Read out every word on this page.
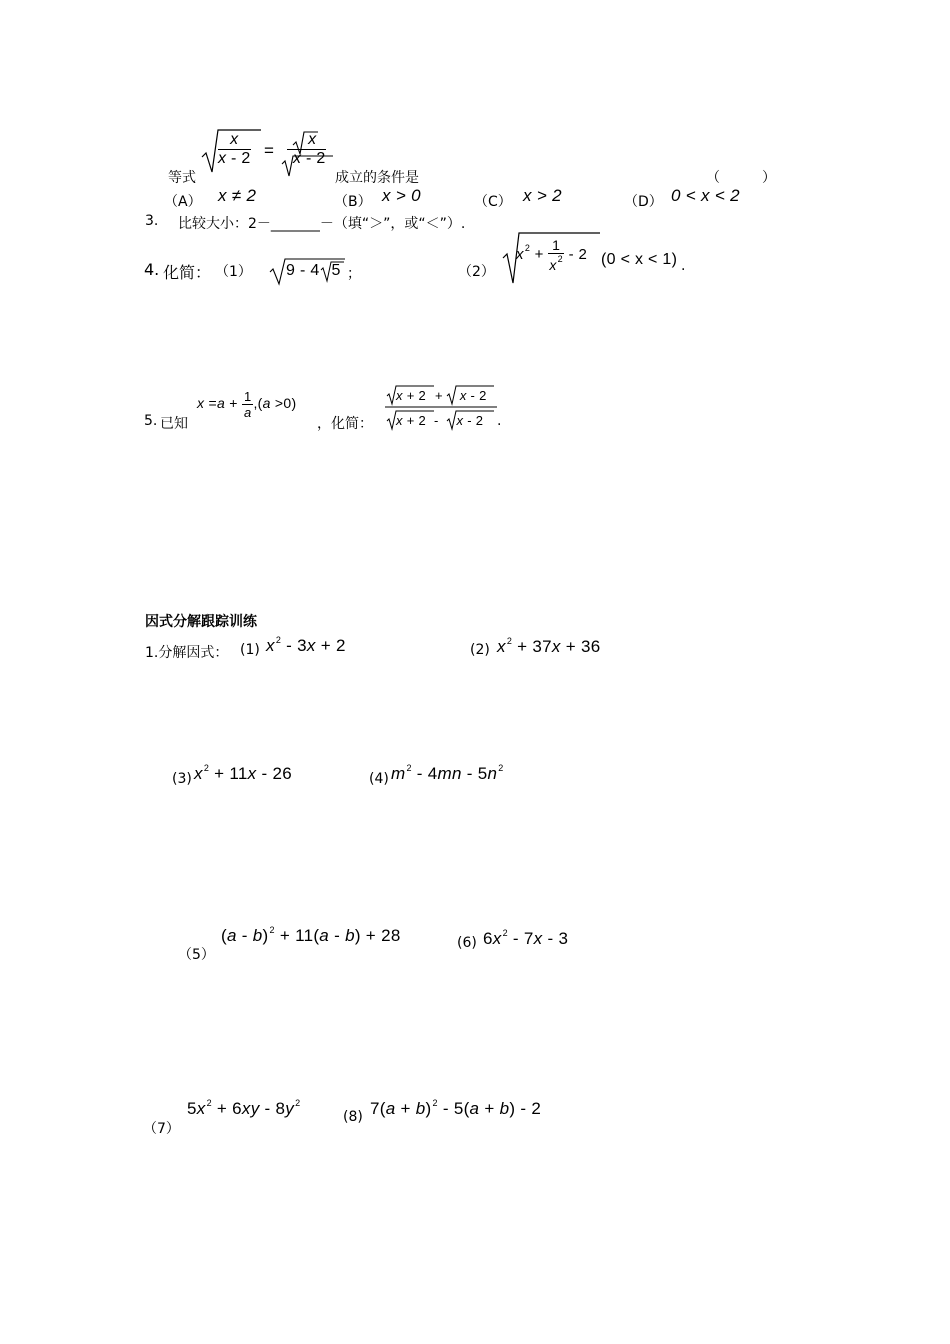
$\frac{x}{x - 2} = \frac{x}{x - 2}$
等式	成立的条件是	（　　　）
（A） x ≠ 2	（B） x > 0	（C） x > 2	（D） 0 < x < 2
3. 比较大小：2－_______－（填“＞”，或“＜”）.
4. 化简： （1） 9 - 4 5 ；	（2）
$x^2 + \frac{1}{x^2} - 2$ (0 < x < 1) .
5. 已知
$x =a + \frac{1}{a} ,(a >0)$
，化简：
x + 2 + x - 2
x + 2 - x - 2 .
因式分解跟踪训练
1.分解因式： (1) $x^2 - 3x + 2$	(2) $x^2 + 37x + 36$
(3) $x^2 + 11x - 26$	(4) $m^2 - 4mn - 5n^2$
（5）
(a - b)$^2$ + 11(a - b) + 28	(6) $6x^2 - 7x - 3$
（7）
$5x^2 + 6xy - 8y^2$
(8) $7(a + b)^2 - 5(a + b) - 2$
